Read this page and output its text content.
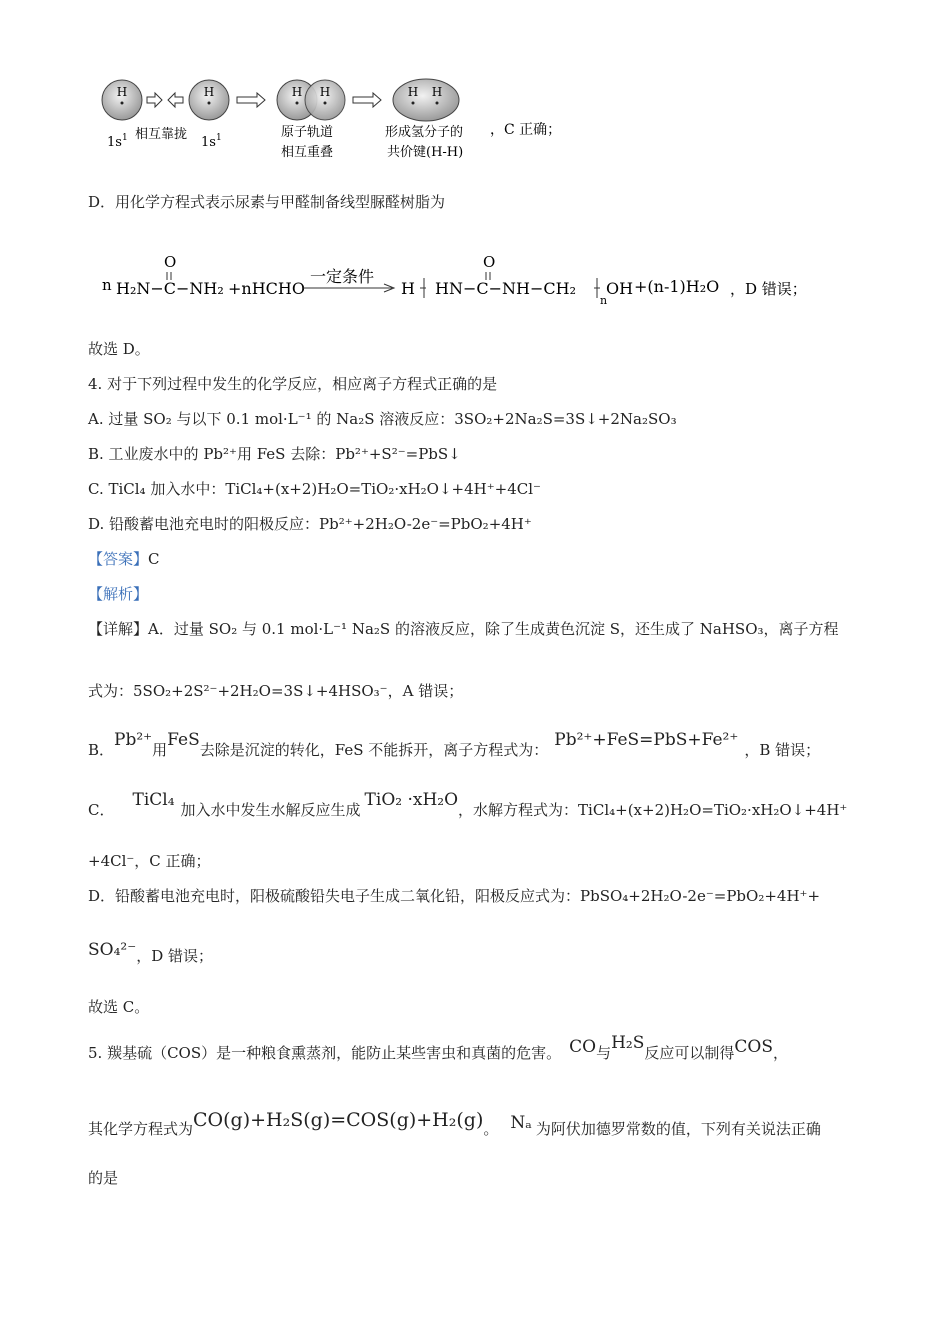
H	H	H H	H H
$1s^1$ 相互靠拢
$1s^1$	原子轨道
相互重叠
形成氢分子的
共价键(H-H)
，C 正确；
D．用化学方程式表示尿素与甲醛制备线型脲醛树脂为
n
O
H₂N−C−NH₂ +nHCHO
一定条件
H
O
HN−C−NH−CH₂
n
OH +(n-1)H₂O ，D 错误；
故选 D。
4. 对于下列过程中发生的化学反应，相应离子方程式正确的是
A. 过量 SO₂ 与以下 0.1 mol·L⁻¹ 的 Na₂S 溶液反应：3SO₂+2Na₂S=3S↓+2Na₂SO₃
B. 工业废水中的 Pb²⁺用 FeS 去除：Pb²⁺+S²⁻=PbS↓
C. TiCl₄ 加入水中：TiCl₄+(x+2)H₂O=TiO₂·xH₂O↓+4H⁺+4Cl⁻
D. 铅酸蓄电池充电时的阳极反应：Pb²⁺+2H₂O-2e⁻=PbO₂+4H⁺
【答案】C
【解析】
【详解】A．过量 SO₂ 与 0.1 mol·L⁻¹ Na₂S 的溶液反应，除了生成黄色沉淀 S，还生成了 NaHSO₃，离子方程
式为：5SO₂+2S²⁻+2H₂O=3S↓+4HSO₃⁻，A 错误；
B．Pb²⁺用FeS去除是沉淀的转化，FeS 不能拆开，离子方程式为： Pb²⁺+FeS=PbS+Fe²⁺ ，B 错误；
C． TiCl₄ 加入水中发生水解反应生成 TiO₂ ·xH₂O，水解方程式为：TiCl₄+(x+2)H₂O=TiO₂·xH₂O↓+4H⁺
+4Cl⁻，C 正确；
D．铅酸蓄电池充电时，阳极硫酸铅失电子生成二氧化铅，阳极反应式为：PbSO₄+2H₂O-2e⁻=PbO₂+4H⁺+
SO₄²⁻，D 错误；
故选 C。
5. 羰基硫（COS）是一种粮食熏蒸剂，能防止某些害虫和真菌的危害。 CO与H₂S反应可以制得COS，
其化学方程式为CO(g)+H₂S(g)=COS(g)+H₂(g)。 Nₐ 为阿伏加德罗常数的值，下列有关说法正确
的是
